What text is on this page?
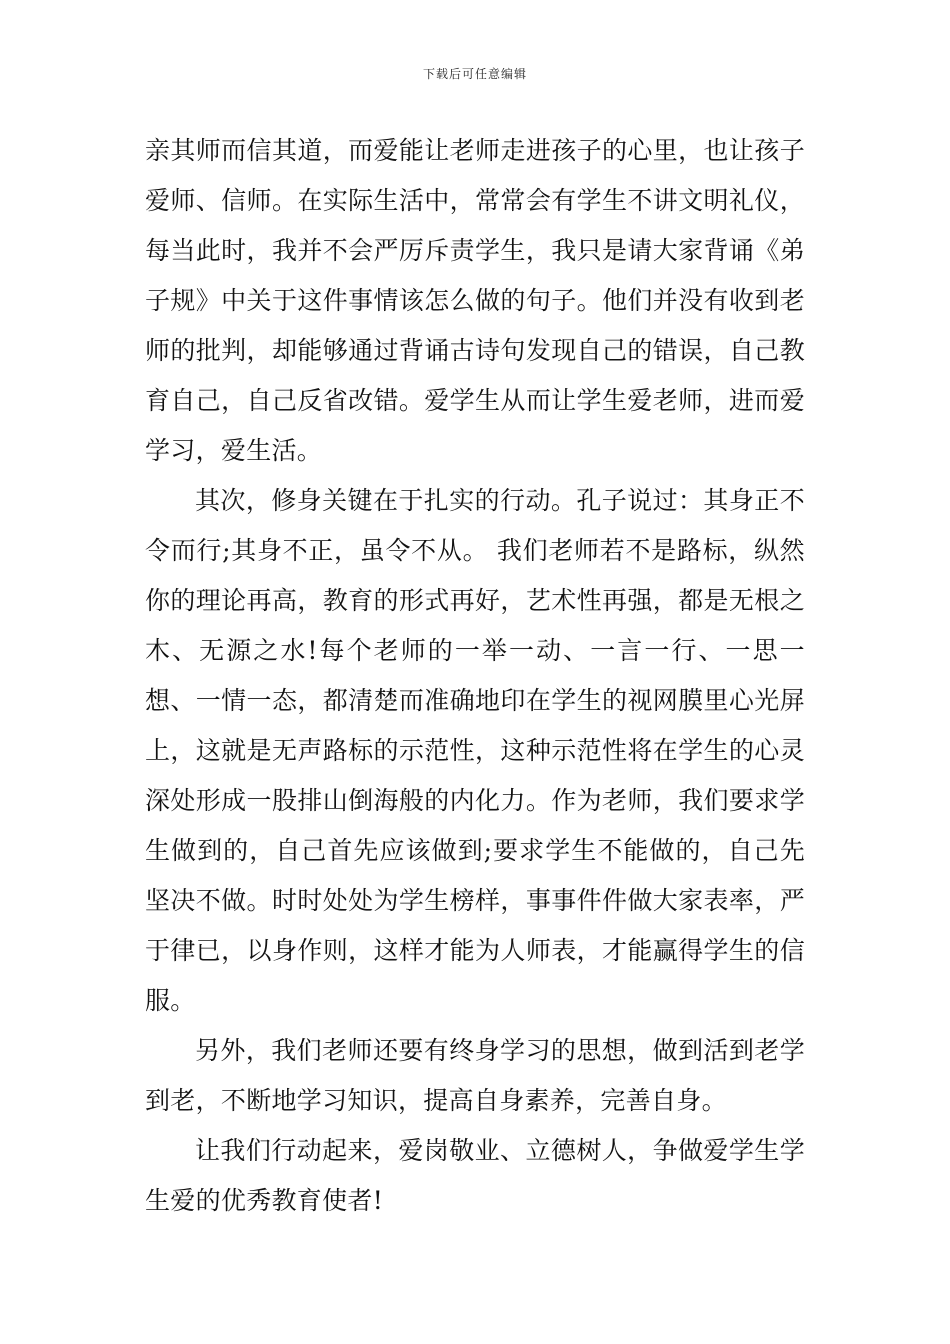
下载后可任意编辑

亲其师而信其道，而爱能让老师走进孩子的心里，也让孩子爱师、信师。在实际生活中，常常会有学生不讲文明礼仪，每当此时，我并不会严厉斥责学生，我只是请大家背诵《弟子规》中关于这件事情该怎么做的句子。他们并没有收到老师的批判，却能够通过背诵古诗句发现自己的错误，自己教育自己，自己反省改错。爱学生从而让学生爱老师，进而爱学习，爱生活。

其次，修身关键在于扎实的行动。孔子说过：其身正不令而行;其身不正，虽令不从。 我们老师若不是路标，纵然你的理论再高，教育的形式再好，艺术性再强，都是无根之木、无源之水!每个老师的一举一动、一言一行、一思一想、一情一态，都清楚而准确地印在学生的视网膜里心光屏上，这就是无声路标的示范性，这种示范性将在学生的心灵深处形成一股排山倒海般的内化力。作为老师，我们要求学生做到的，自己首先应该做到;要求学生不能做的，自己先坚决不做。时时处处为学生榜样，事事件件做大家表率，严于律已，以身作则，这样才能为人师表，才能赢得学生的信服。

另外，我们老师还要有终身学习的思想，做到活到老学到老，不断地学习知识，提高自身素养，完善自身。

让我们行动起来，爱岗敬业、立德树人，争做爱学生学生爱的优秀教育使者!
